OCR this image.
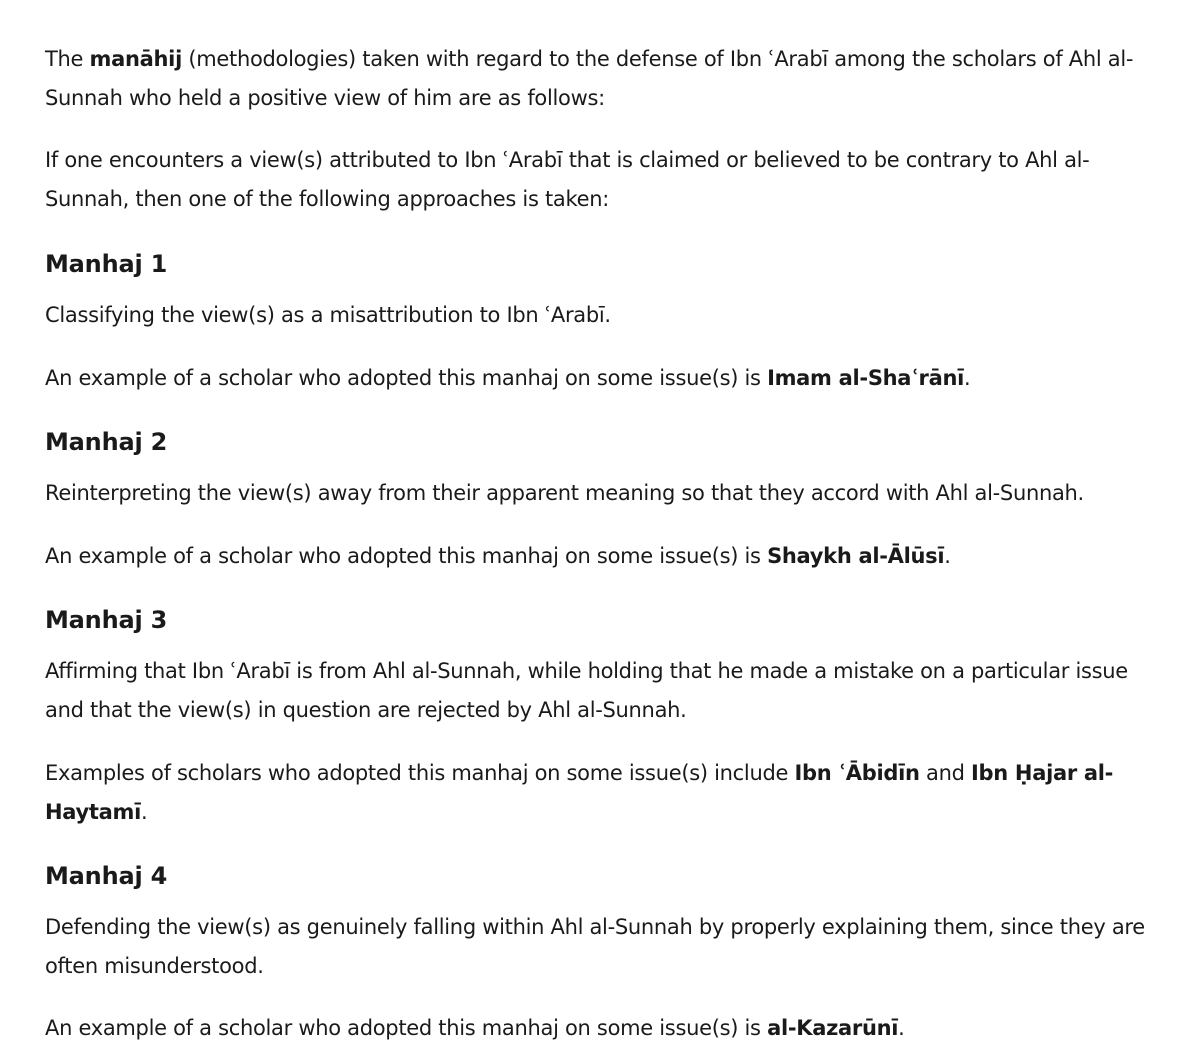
The manāhij (methodologies) taken with regard to the defense of Ibn ʿArabī among the scholars of Ahl al-Sunnah who held a positive view of him are as follows:

If one encounters a view(s) attributed to Ibn ʿArabī that is claimed or believed to be contrary to Ahl al-Sunnah, then one of the following approaches is taken:

Manhaj 1

Classifying the view(s) as a misattribution to Ibn ʿArabī.

An example of a scholar who adopted this manhaj on some issue(s) is Imam al-Shaʿrānī.

Manhaj 2

Reinterpreting the view(s) away from their apparent meaning so that they accord with Ahl al-Sunnah.

An example of a scholar who adopted this manhaj on some issue(s) is Shaykh al-Ālūsī.

Manhaj 3

Affirming that Ibn ʿArabī is from Ahl al-Sunnah, while holding that he made a mistake on a particular issue and that the view(s) in question are rejected by Ahl al-Sunnah.

Examples of scholars who adopted this manhaj on some issue(s) include Ibn ʿĀbidīn and Ibn Ḥajar al-Haytamī.

Manhaj 4

Defending the view(s) as genuinely falling within Ahl al-Sunnah by properly explaining them, since they are often misunderstood.

An example of a scholar who adopted this manhaj on some issue(s) is al-Kazarūnī.
